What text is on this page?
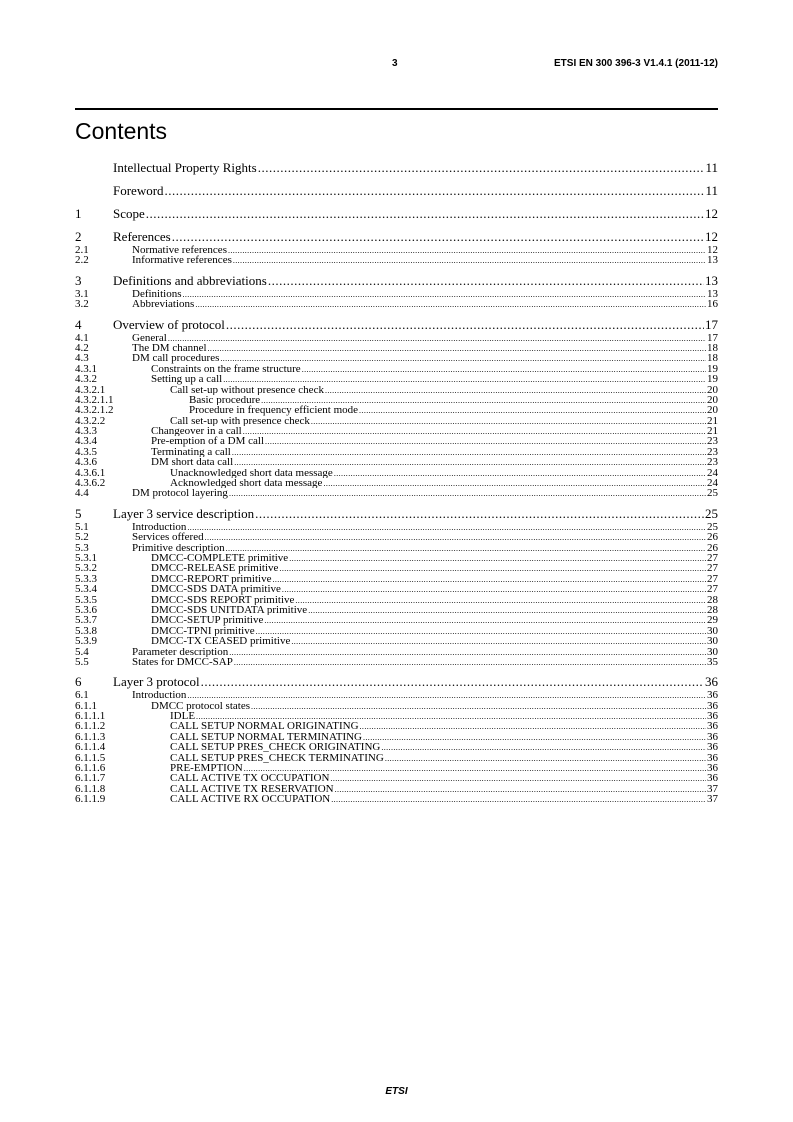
3	ETSI EN 300 396-3 V1.4.1 (2011-12)
Contents
Intellectual Property Rights .....	11
Foreword .....	11
1	Scope .....	12
2	References .....	12
2.1	Normative references .....	12
2.2	Informative references .....	13
3	Definitions and abbreviations .....	13
3.1	Definitions .....	13
3.2	Abbreviations .....	16
4	Overview of protocol .....	17
4.1	General .....	17
4.2	The DM channel .....	18
4.3	DM call procedures .....	18
4.3.1	Constraints on the frame structure .....	19
4.3.2	Setting up a call .....	19
4.3.2.1	Call set-up without presence check .....	20
4.3.2.1.1	Basic procedure .....	20
4.3.2.1.2	Procedure in frequency efficient mode .....	20
4.3.2.2	Call set-up with presence check .....	21
4.3.3	Changeover in a call .....	21
4.3.4	Pre-emption of a DM call .....	23
4.3.5	Terminating a call .....	23
4.3.6	DM short data call .....	23
4.3.6.1	Unacknowledged short data message .....	24
4.3.6.2	Acknowledged short data message .....	24
4.4	DM protocol layering .....	25
5	Layer 3 service description .....	25
5.1	Introduction .....	25
5.2	Services offered .....	26
5.3	Primitive description .....	26
5.3.1	DMCC-COMPLETE primitive .....	27
5.3.2	DMCC-RELEASE primitive .....	27
5.3.3	DMCC-REPORT primitive .....	27
5.3.4	DMCC-SDS DATA primitive .....	27
5.3.5	DMCC-SDS REPORT primitive .....	28
5.3.6	DMCC-SDS UNITDATA primitive .....	28
5.3.7	DMCC-SETUP primitive .....	29
5.3.8	DMCC-TPNI primitive .....	30
5.3.9	DMCC-TX CEASED primitive .....	30
5.4	Parameter description .....	30
5.5	States for DMCC-SAP .....	35
6	Layer 3 protocol .....	36
6.1	Introduction .....	36
6.1.1	DMCC protocol states .....	36
6.1.1.1	IDLE .....	36
6.1.1.2	CALL SETUP NORMAL ORIGINATING .....	36
6.1.1.3	CALL SETUP NORMAL TERMINATING .....	36
6.1.1.4	CALL SETUP PRES_CHECK ORIGINATING .....	36
6.1.1.5	CALL SETUP PRES_CHECK TERMINATING .....	36
6.1.1.6	PRE-EMPTION .....	36
6.1.1.7	CALL ACTIVE TX OCCUPATION .....	36
6.1.1.8	CALL ACTIVE TX RESERVATION .....	37
6.1.1.9	CALL ACTIVE RX OCCUPATION .....	37
ETSI
